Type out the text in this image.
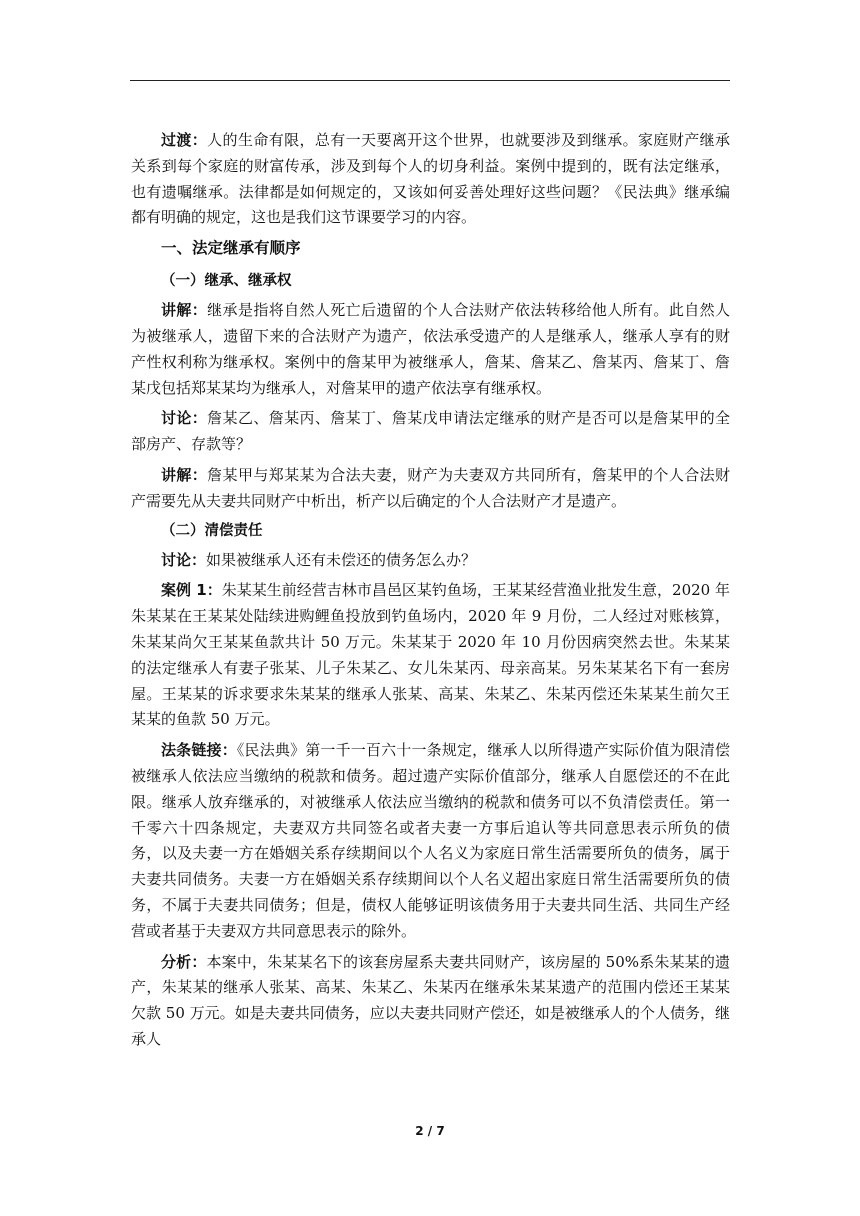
过渡：人的生命有限，总有一天要离开这个世界，也就要涉及到继承。家庭财产继承关系到每个家庭的财富传承，涉及到每个人的切身利益。案例中提到的，既有法定继承，也有遗嘱继承。法律都是如何规定的，又该如何妥善处理好这些问题？《民法典》继承编都有明确的规定，这也是我们这节课要学习的内容。

一、法定继承有顺序
（一）继承、继承权

讲解：继承是指将自然人死亡后遗留的个人合法财产依法转移给他人所有。此自然人为被继承人，遗留下来的合法财产为遗产，依法承受遗产的人是继承人，继承人享有的财产性权利称为继承权。案例中的詹某甲为被继承人，詹某、詹某乙、詹某丙、詹某丁、詹某戊包括郑某某均为继承人，对詹某甲的遗产依法享有继承权。

讨论：詹某乙、詹某丙、詹某丁、詹某戊申请法定继承的财产是否可以是詹某甲的全部房产、存款等？

讲解：詹某甲与郑某某为合法夫妻，财产为夫妻双方共同所有，詹某甲的个人合法财产需要先从夫妻共同财产中析出，析产以后确定的个人合法财产才是遗产。

（二）清偿责任

讨论：如果被继承人还有未偿还的债务怎么办？

案例 1：朱某某生前经营吉林市昌邑区某钓鱼场，王某某经营渔业批发生意，2020 年朱某某在王某某处陆续进购鲤鱼投放到钓鱼场内，2020 年 9 月份，二人经过对账核算，朱某某尚欠王某某鱼款共计 50 万元。朱某某于 2020 年 10 月份因病突然去世。朱某某的法定继承人有妻子张某、儿子朱某乙、女儿朱某丙、母亲高某。另朱某某名下有一套房屋。王某某的诉求要求朱某某的继承人张某、高某、朱某乙、朱某丙偿还朱某某生前欠王某某的鱼款 50 万元。

法条链接：《民法典》第一千一百六十一条规定，继承人以所得遗产实际价值为限清偿被继承人依法应当缴纳的税款和债务。超过遗产实际价值部分，继承人自愿偿还的不在此限。继承人放弃继承的，对被继承人依法应当缴纳的税款和债务可以不负清偿责任。第一千零六十四条规定，夫妻双方共同签名或者夫妻一方事后追认等共同意思表示所负的债务，以及夫妻一方在婚姻关系存续期间以个人名义为家庭日常生活需要所负的债务，属于夫妻共同债务。夫妻一方在婚姻关系存续期间以个人名义超出家庭日常生活需要所负的债务，不属于夫妻共同债务；但是，债权人能够证明该债务用于夫妻共同生活、共同生产经营或者基于夫妻双方共同意思表示的除外。

分析：本案中，朱某某名下的该套房屋系夫妻共同财产，该房屋的 50%系朱某某的遗产，朱某某的继承人张某、高某、朱某乙、朱某丙在继承朱某某遗产的范围内偿还王某某欠款 50 万元。如是夫妻共同债务，应以夫妻共同财产偿还，如是被继承人的个人债务，继承人

2 / 7
